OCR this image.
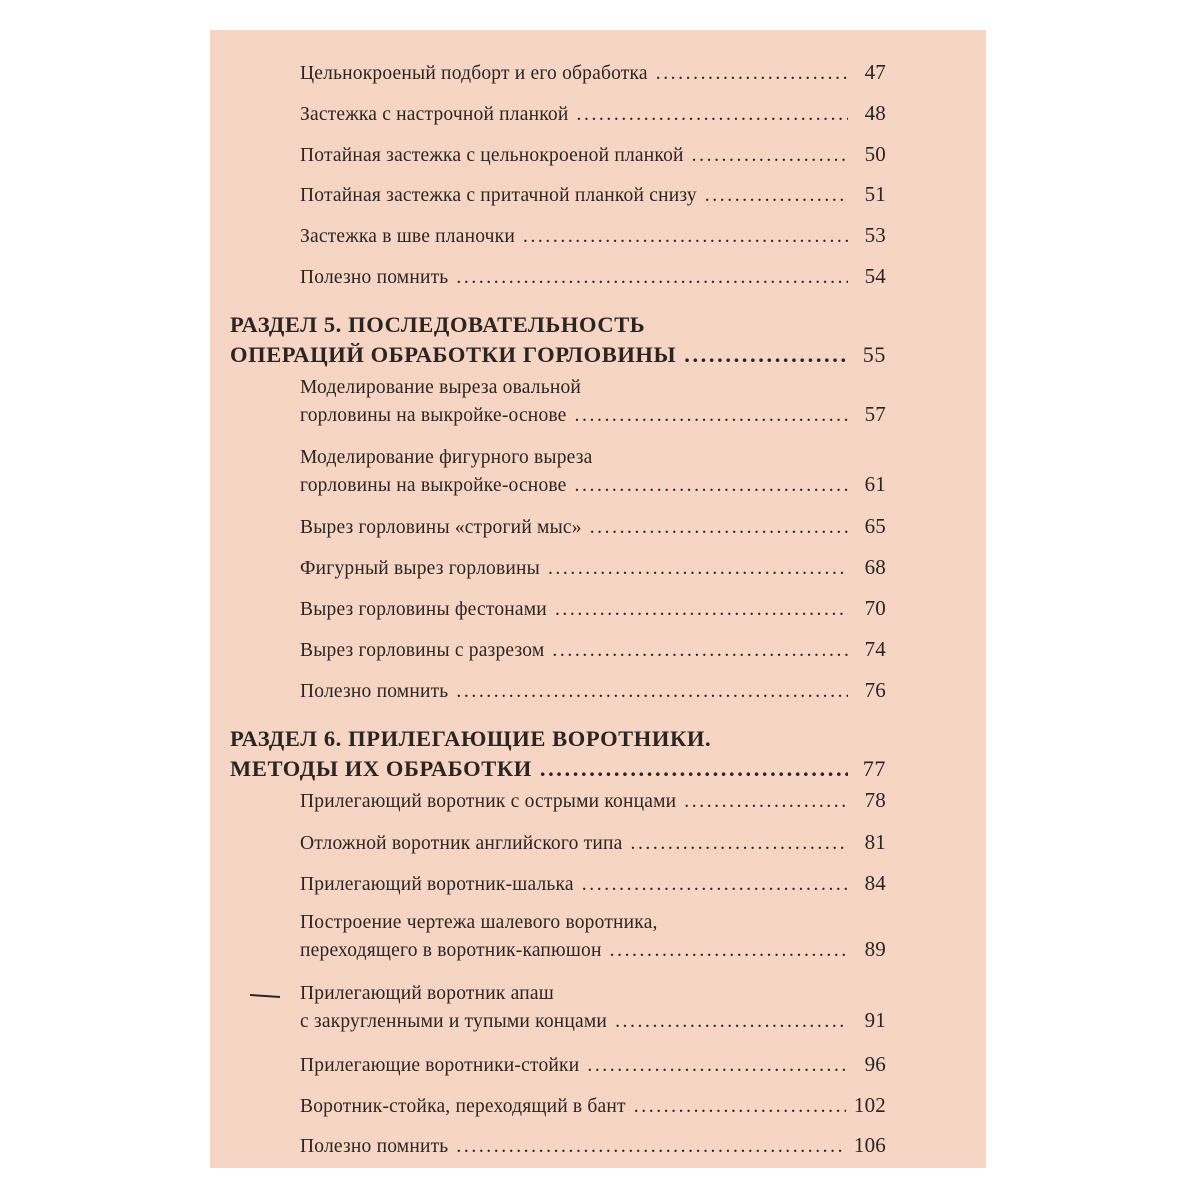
Цельнокроеный подборт и его обработка .....	47
Застежка с настрочной планкой .....	48
Потайная застежка с цельнокроеной планкой .....	50
Потайная застежка с притачной планкой снизу .....	51
Застежка в шве планочки .....	53
Полезно помнить .....	54
РАЗДЕЛ 5. ПОСЛЕДОВАТЕЛЬНОСТЬ
ОПЕРАЦИЙ ОБРАБОТКИ ГОРЛОВИНЫ .....	55
Моделирование выреза овальной
горловины на выкройке-основе .....	57
Моделирование фигурного выреза
горловины на выкройке-основе .....	61
Вырез горловины «строгий мыс» .....	65
Фигурный вырез горловины .....	68
Вырез горловины фестонами .....	70
Вырез горловины с разрезом .....	74
Полезно помнить .....	76
РАЗДЕЛ 6. ПРИЛЕГАЮЩИЕ ВОРОТНИКИ.
МЕТОДЫ ИХ ОБРАБОТКИ .....	77
Прилегающий воротник с острыми концами .....	78
Отложной воротник английского типа .....	81
Прилегающий воротник-шалька .....	84
Построение чертежа шалевого воротника,
переходящего в воротник-капюшон .....	89
Прилегающий воротник апаш
с закругленными и тупыми концами .....	91
Прилегающие воротники-стойки .....	96
Воротник-стойка, переходящий в бант .....	102
Полезно помнить .....	106
